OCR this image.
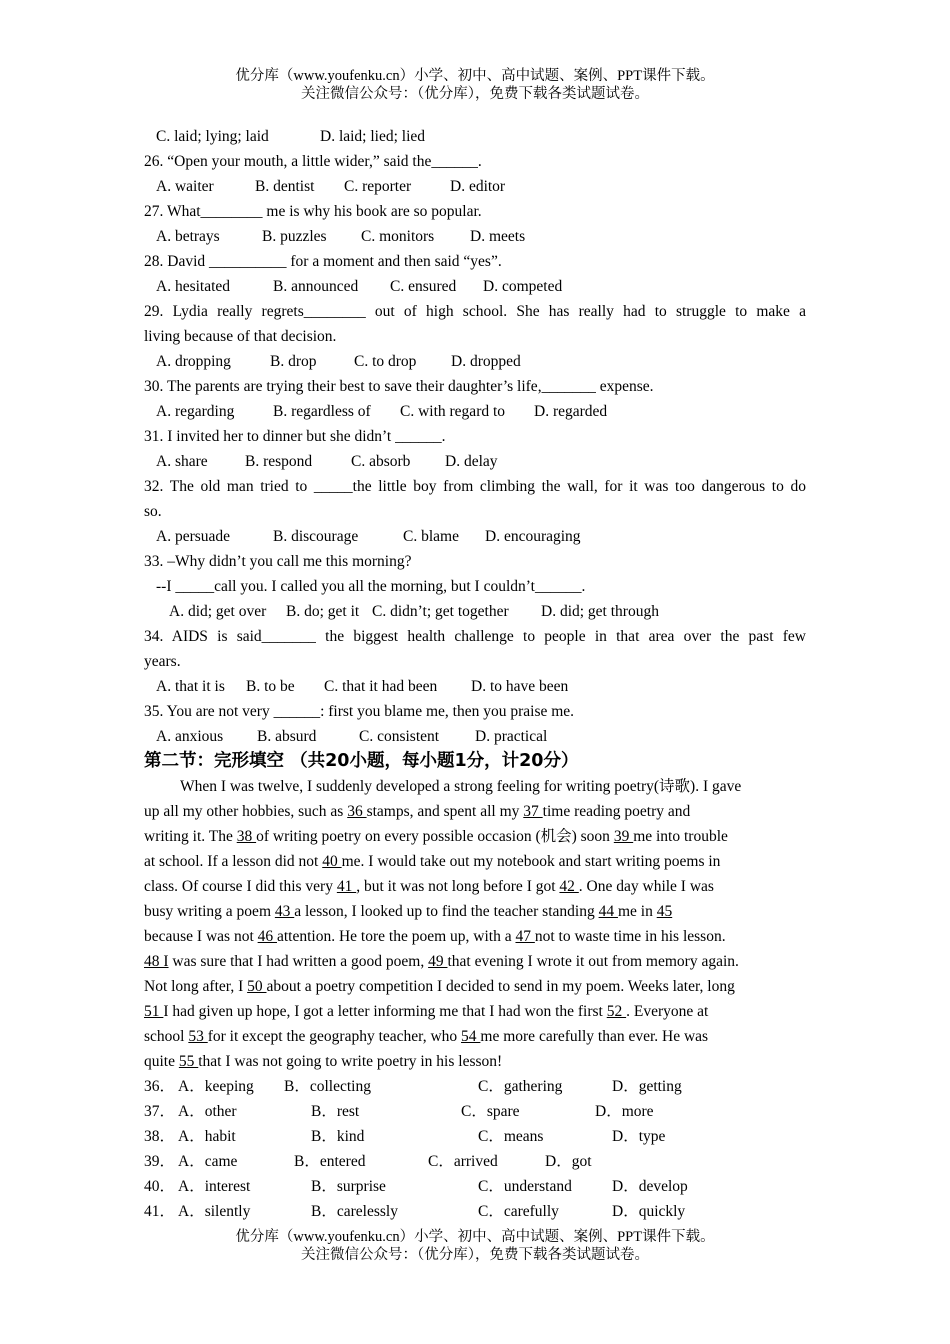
优分库（www.youfenku.cn）小学、初中、高中试题、案例、PPT课件下载。
关注微信公众号：（优分库），免费下载各类试题试卷。
C. laid; lying; laid	D. laid; lied; lied
26. “Open your mouth, a little wider,” said the______.
A. waiter	B. dentist C. reporter	D. editor
27. What________ me is why his book are so popular.
A. betrays	B. puzzles C. monitors D. meets
28. David __________ for a moment and then said “yes”.
A. hesitated	B. announced C. ensured D. competed
29. Lydia really regrets________ out of high school. She has really had to struggle to make a
living because of that decision.
A. dropping	B. drop C. to drop D. dropped
30. The parents are trying their best to save their daughter’s life,_______ expense.
A. regarding B. regardless of C. with regard to D. regarded
31. I invited her to dinner but she didn’t ______.
A. share B. respond	C. absorb D. delay
32. The old man tried to _____the little boy from climbing the wall, for it was too dangerous to do
so.
A. persuade	B. discourage	C. blame D. encouraging
33. –Why didn’t you call me this morning?
--I _____call you. I called you all the morning, but I couldn’t______.
A. did; get over B. do; get it C. didn’t; get together D. did; get through
34. AIDS is said_______ the biggest health challenge to people in that area over the past few
years.
A. that it is B. to be C. that it had been D. to have been
35. You are not very ______: first you blame me, then you praise me.
A. anxious B. absurd	C. consistent D. practical
第二节：完形填空 （共20小题，每小题1分，计20分）
When I was twelve, I suddenly developed a strong feeling for writing poetry(诗歌). I gave
up all my other hobbies, such as 36 stamps, and spent all my 37 time reading poetry and
writing it. The 38 of writing poetry on every possible occasion (机会) soon 39 me into trouble
at school. If a lesson did not 40 me. I would take out my notebook and start writing poems in
class. Of course I did this very 41 , but it was not long before I got 42 . One day while I was
busy writing a poem 43 a lesson, I looked up to find the teacher standing 44 me in 45
because I was not 46 attention. He tore the poem up, with a 47 not to waste time in his lesson.
48 I was sure that I had written a good poem, 49 that evening I wrote it out from memory again.
Not long after, I 50 about a poetry competition I decided to send in my poem. Weeks later, long
51 I had given up hope, I got a letter informing me that I had won the first 52 . Everyone at
school 53 for it except the geography teacher, who 54 me more carefully than ever. He was
quite 55 that I was not going to write poetry in his lesson!
36． A．keeping B．collecting	C．gathering	D．getting
37． A．other	B．rest	C．spare	D．more
38． A．habit	B．kind	C．means	D．type
39． A．came	B．entered	C．arrived	D．got
40． A．interest	B．surprise	C．understand	D．develop
41． A．silently	B．carelessly	C．carefully	D．quickly
优分库（www.youfenku.cn）小学、初中、高中试题、案例、PPT课件下载。
关注微信公众号：（优分库），免费下载各类试题试卷。
